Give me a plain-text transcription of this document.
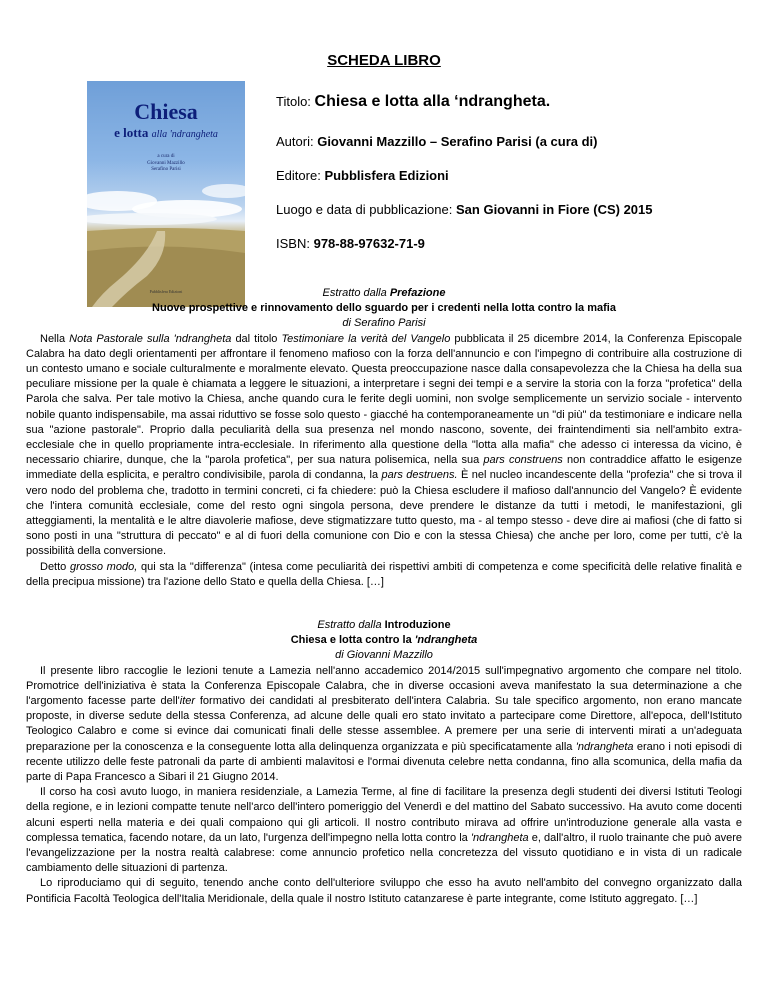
SCHEDA LIBRO
Chiesa
e lotta alla 'ndrangheta
a cura di
Giovanni Mazzillo
Serafino Parisi
Pubblisfera Edizioni
Titolo: Chiesa e lotta alla ‘ndrangheta.
Autori: Giovanni Mazzillo – Serafino Parisi (a cura di)
Editore: Pubblisfera Edizioni
Luogo e data di pubblicazione: San Giovanni in Fiore (CS) 2015
ISBN: 978-88-97632-71-9
Estratto dalla Prefazione
Nuove prospettive e rinnovamento dello sguardo per i credenti nella lotta contro la mafia
di Serafino Parisi

Nella Nota Pastorale sulla 'ndrangheta dal titolo Testimoniare la verità del Vangelo pubblicata il 25 dicembre 2014, la Conferenza Episcopale Calabra ha dato degli orientamenti per affrontare il fenomeno mafioso con la forza dell'annuncio e con l'impegno di contribuire alla costruzione di un contesto umano e sociale culturalmente e moralmente elevato. Questa preoccupazione nasce dalla consapevolezza che la Chiesa ha della sua peculiare missione per la quale è chiamata a leggere le situazioni, a interpretare i segni dei tempi e a servire la storia con la forza "profetica" della Parola che salva. Per tale motivo la Chiesa, anche quando cura le ferite degli uomini, non svolge semplicemente un servizio sociale - intervento nobile quanto indispensabile, ma assai riduttivo se fosse solo questo - giacché ha contemporaneamente un "di più" da testimoniare e indicare nella sua "azione pastorale". Proprio dalla peculiarità della sua presenza nel mondo nascono, sovente, dei fraintendimenti sia nell'ambito extra-ecclesiale che in quello propriamente intra-ecclesiale. In riferimento alla questione della "lotta alla mafia" che adesso ci interessa da vicino, è necessario chiarire, dunque, che la "parola profetica", per sua natura polisemica, nella sua pars construens non contraddice affatto le esigenze immediate della esplicita, e peraltro condivisibile, parola di condanna, la pars destruens. È nel nucleo incandescente della "profezia" che si trova il vero nodo del problema che, tradotto in termini concreti, ci fa chiedere: può la Chiesa escludere il mafioso dall'annuncio del Vangelo? È evidente che l'intera comunità ecclesiale, come del resto ogni singola persona, deve prendere le distanze da tutti i metodi, le manifestazioni, gli atteggiamenti, la mentalità e le altre diavolerie mafiose, deve stigmatizzare tutto questo, ma - al tempo stesso - deve dire ai mafiosi (che di fatto si sono posti in una "struttura di peccato" e al di fuori della comunione con Dio e con la stessa Chiesa) che anche per loro, come per tutti, c'è la possibilità della conversione.

Detto grosso modo, qui sta la "differenza" (intesa come peculiarità dei rispettivi ambiti di competenza e come specificità delle relative finalità e della precipua missione) tra l'azione dello Stato e quella della Chiesa. […]

Estratto dalla Introduzione
Chiesa e lotta contro la 'ndrangheta
di Giovanni Mazzillo

Il presente libro raccoglie le lezioni tenute a Lamezia nell'anno accademico 2014/2015 sull'impegnativo argomento che compare nel titolo. Promotrice dell'iniziativa è stata la Conferenza Episcopale Calabra, che in diverse occasioni aveva manifestato la sua determinazione a che l'argomento facesse parte dell'iter formativo dei candidati al presbiterato dell'intera Calabria. Su tale specifico argomento, non erano mancate proposte, in diverse sedute della stessa Conferenza, ad alcune delle quali ero stato invitato a partecipare come Direttore, all'epoca, dell'Istituto Teologico Calabro e come si evince dai comunicati finali delle stesse assemblee. A premere per una serie di interventi mirati a un'adeguata preparazione per la conoscenza e la conseguente lotta alla delinquenza organizzata e più specificatamente alla 'ndrangheta erano i noti episodi di recente utilizzo delle feste patronali da parte di ambienti malavitosi e l'ormai divenuta celebre netta condanna, fino alla scomunica, della mafia da parte di Papa Francesco a Sibari il 21 Giugno 2014.

Il corso ha così avuto luogo, in maniera residenziale, a Lamezia Terme, al fine di facilitare la presenza degli studenti dei diversi Istituti Teologi della regione, e in lezioni compatte tenute nell'arco dell'intero pomeriggio del Venerdì e del mattino del Sabato successivo. Ha avuto come docenti alcuni esperti nella materia e dei quali compaiono qui gli articoli. Il nostro contributo mirava ad offrire un'introduzione generale alla vasta e complessa tematica, facendo notare, da un lato, l'urgenza dell'impegno nella lotta contro la 'ndrangheta e, dall'altro, il ruolo trainante che può avere l'evangelizzazione per la nostra realtà calabrese: come annuncio profetico nella concretezza del vissuto quotidiano e in vista di un radicale cambiamento delle situazioni di partenza.

Lo riproduciamo qui di seguito, tenendo anche conto dell'ulteriore sviluppo che esso ha avuto nell'ambito del convegno organizzato dalla Pontificia Facoltà Teologica dell'Italia Meridionale, della quale il nostro Istituto catanzarese è parte integrante, come Istituto aggregato. […]
